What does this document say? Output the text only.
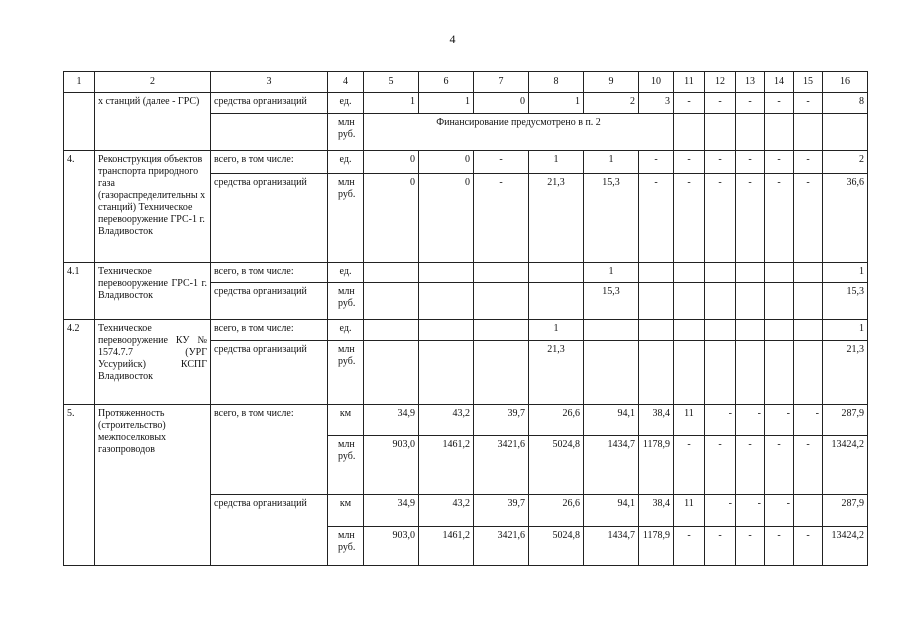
4
1	2	3	4	5	6	7	8	9	10	11	12	13	14	15	16
	х станций (далее - ГРС)	средства организаций	ед.	1	1	0	1	2	3	-	-	-	-	-	8
			млн руб.	Финансирование предусмотрено в п. 2											
4.	Реконструкция объектов транспорта природного газа (газораспределительны х станций) Техническое перевооружение ГРС-1 г. Владивосток	всего, в том числе:	ед.	0	0	-	1	1	-	-	-	-	-	-	2
		средства организаций	млн руб.	0	0	-	21,3	15,3	-	-	-	-	-	-	36,6
4.1	Техническое перевооружение ГРС-1 г. Владивосток	всего, в том числе:	ед.					1							1
		средства организаций	млн руб.					15,3							15,3
4.2	Техническое перевооружение КУ № 1574.7.7 (УРГ Уссурийск) КСПГ Владивосток	всего, в том числе:	ед.				1								1
		средства организаций	млн руб.				21,3								21,3
5.	Протяженность (строительство) межпоселковых газопроводов	всего, в том числе:	км	34,9	43,2	39,7	26,6	94,1	38,4	11	-	-	-	-	287,9
			млн руб.	903,0	1461,2	3421,6	5024,8	1434,7	1178,9	-	-	-	-	-	13424,2
		средства организаций	км	34,9	43,2	39,7	26,6	94,1	38,4	11	-	-	-		287,9
			млн руб.	903,0	1461,2	3421,6	5024,8	1434,7	1178,9	-	-	-	-	-	13424,2
